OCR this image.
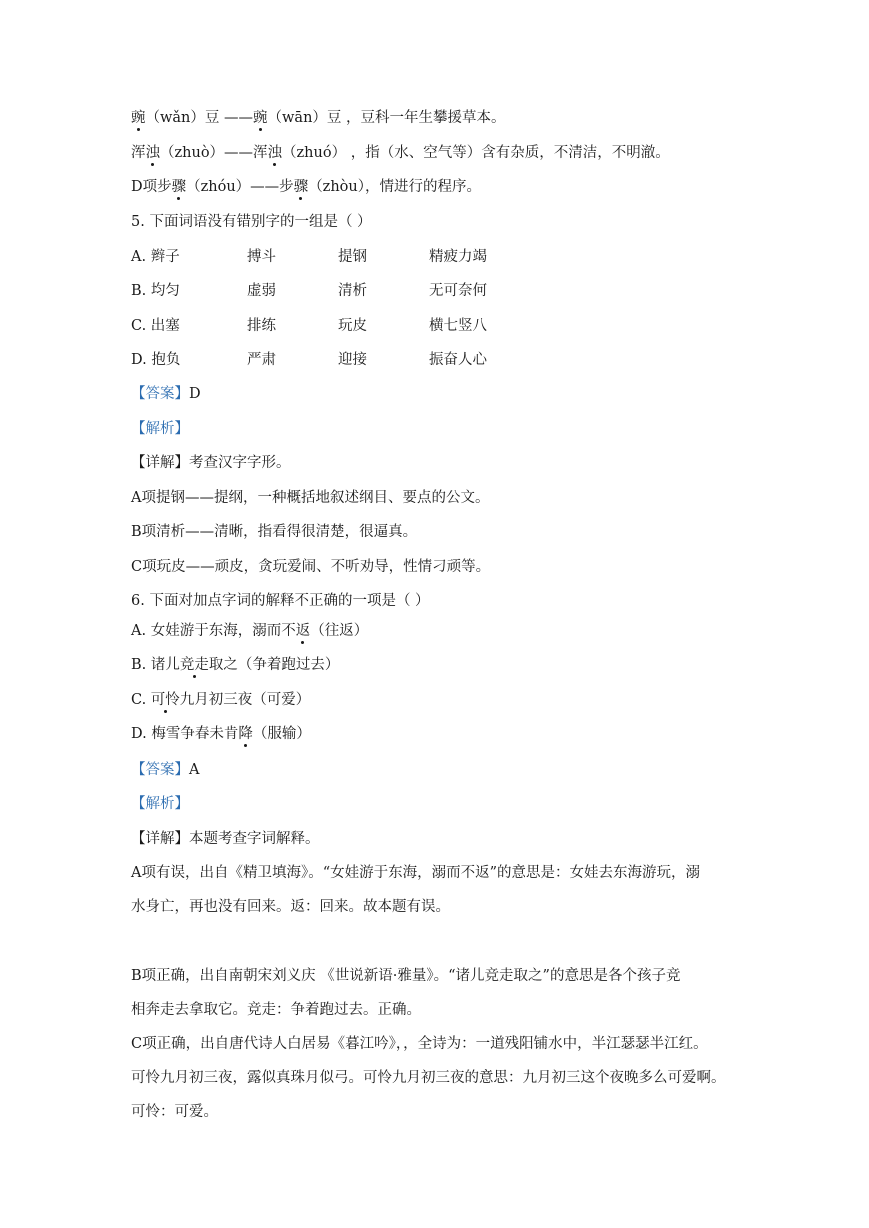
豌（wǎn）豆 ——豌（wān）豆 ，豆科一年生攀援草本。

浑浊（zhuò）——浑浊（zhuó） ，指（水、空气等）含有杂质，不清洁，不明澈。

D项步骤（zhóu）——步骤（zhòu），情进行的程序。

5. 下面词语没有错别字的一组是（ ）

A. 辫子	搏斗	提钢	精疲力竭
B. 均匀	虚弱	清析	无可奈何
C. 出塞	排练	玩皮	横七竖八
D. 抱负	严肃	迎接	振奋人心

【答案】D

【解析】

【详解】考查汉字字形。

A项提钢——提纲，一种概括地叙述纲目、要点的公文。

B项清析——清晰，指看得很清楚，很逼真。

C项玩皮——顽皮，贪玩爱闹、不听劝导，性情刁顽等。

6. 下面对加点字词的解释不正确的一项是（ ）

A. 女娃游于东海，溺而不返（往返）

B. 诸儿竞走取之（争着跑过去）

C. 可怜九月初三夜（可爱）

D. 梅雪争春未肯降（服输）

【答案】A

【解析】

【详解】本题考查字词解释。

A项有误，出自《精卫填海》。“女娃游于东海，溺而不返”的意思是：女娃去东海游玩，溺

水身亡，再也没有回来。返：回来。故本题有误。

B项正确，出自南朝宋刘义庆 《世说新语·雅量》。“诸儿竞走取之”的意思是各个孩子竞

相奔走去拿取它。竞走：争着跑过去。正确。

C项正确，出自唐代诗人白居易《暮江吟》，，全诗为：一道残阳铺水中，半江瑟瑟半江红。

可怜九月初三夜，露似真珠月似弓。可怜九月初三夜的意思：九月初三这个夜晚多么可爱啊。

可怜：可爱。
